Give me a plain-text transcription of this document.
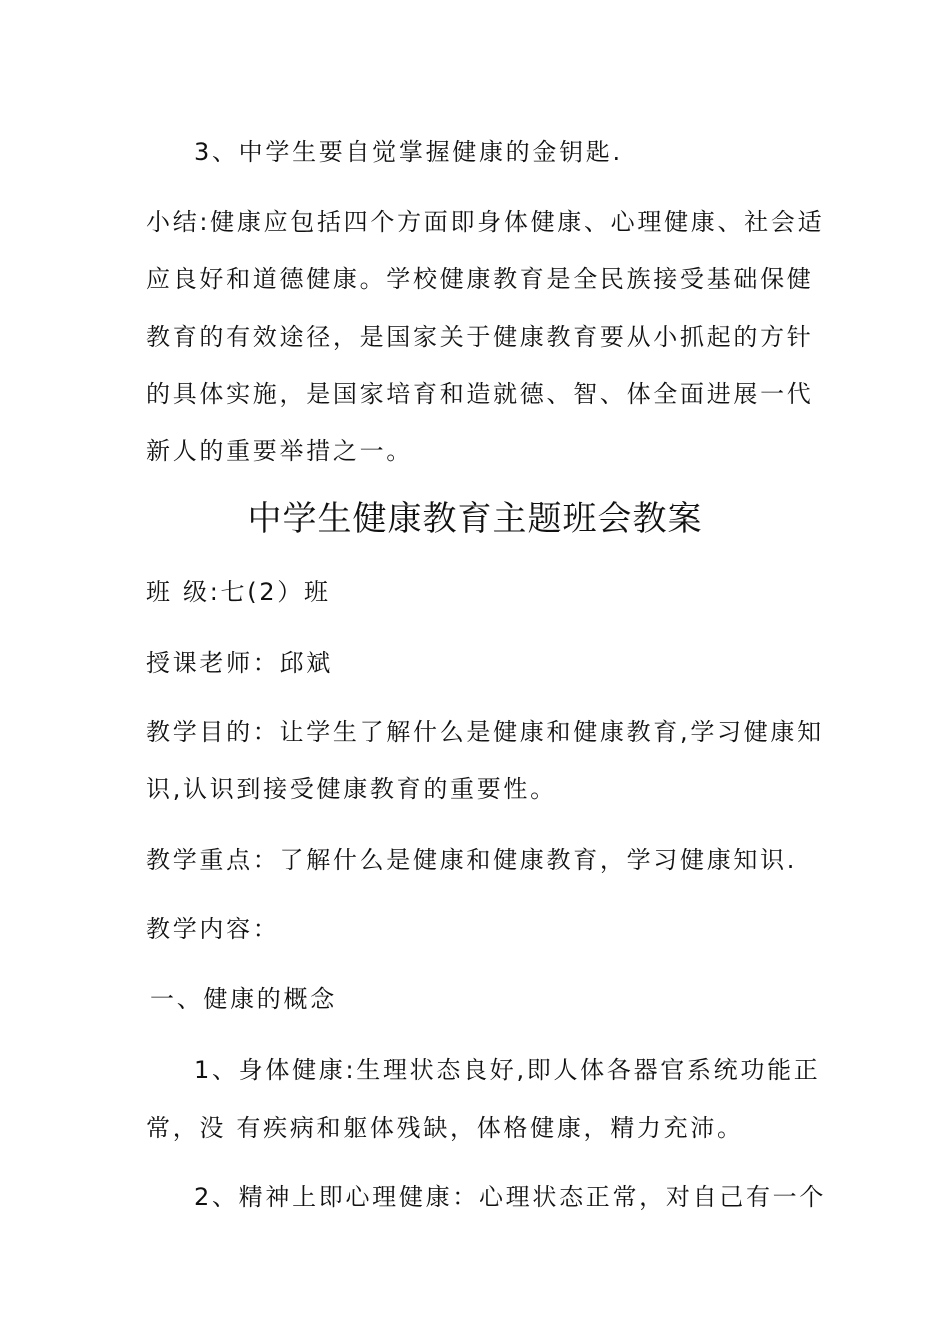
3、中学生要自觉掌握健康的金钥匙.
小结:健康应包括四个方面即身体健康、心理健康、社会适
应良好和道德健康。学校健康教育是全民族接受基础保健
教育的有效途径，是国家关于健康教育要从小抓起的方针
的具体实施，是国家培育和造就德、智、体全面进展一代
新人的重要举措之一。
中学生健康教育主题班会教案
班 级:七(2）班
授课老师：邱斌
教学目的：让学生了解什么是健康和健康教育,学习健康知
识,认识到接受健康教育的重要性。
教学重点：了解什么是健康和健康教育，学习健康知识.
教学内容：
一、健康的概念
1、身体健康:生理状态良好,即人体各器官系统功能正
常，没 有疾病和躯体残缺，体格健康，精力充沛。
2、精神上即心理健康：心理状态正常，对自己有一个
